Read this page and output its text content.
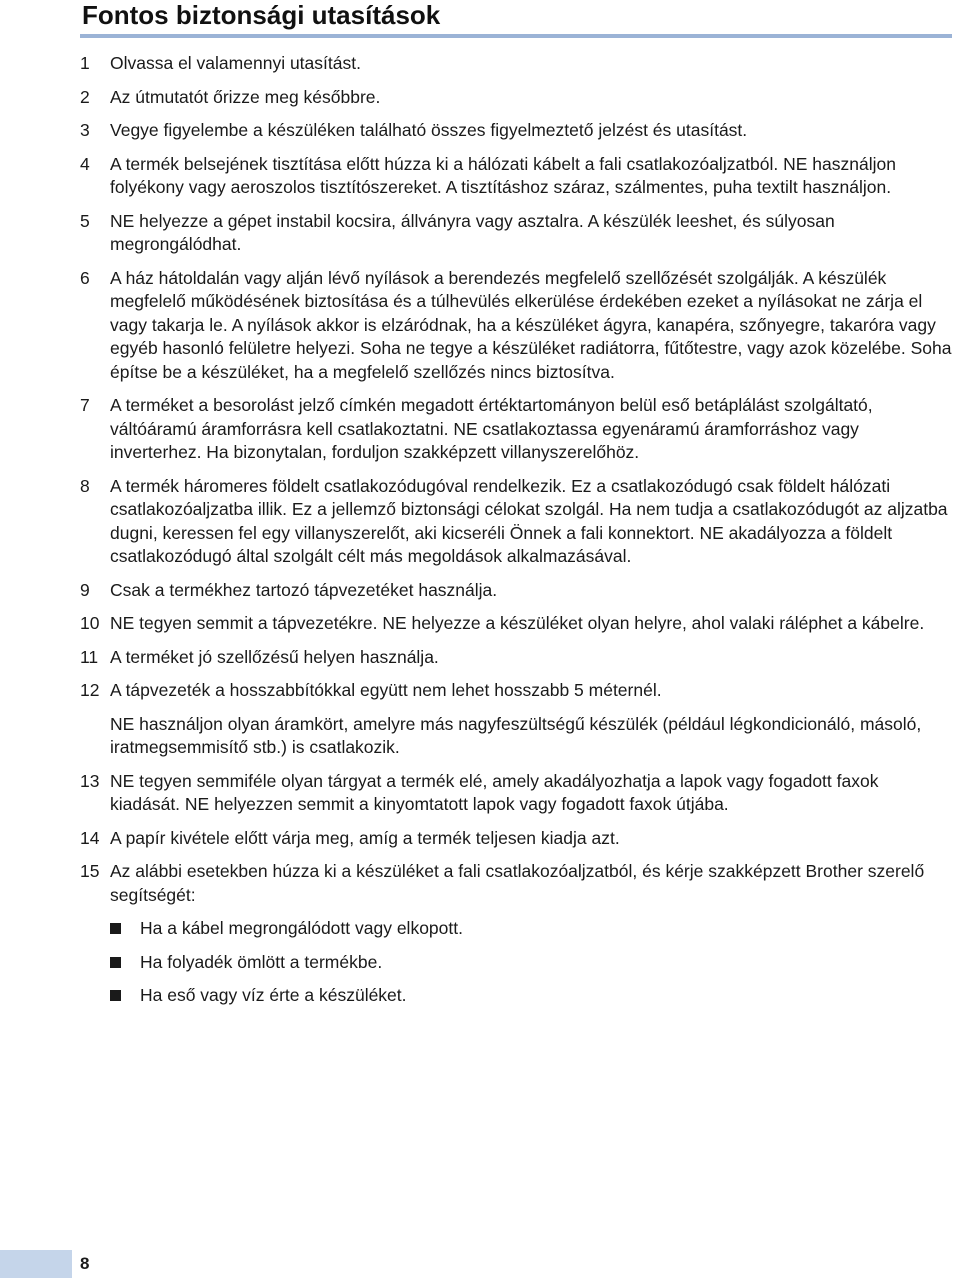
Fontos biztonsági utasítások
1	Olvassa el valamennyi utasítást.

2	Az útmutatót őrizze meg későbbre.

3	Vegye figyelembe a készüléken található összes figyelmeztető jelzést és utasítást.

4	A termék belsejének tisztítása előtt húzza ki a hálózati kábelt a fali csatlakozóaljzatból. NE használjon folyékony vagy aeroszolos tisztítószereket. A tisztításhoz száraz, szálmentes, puha textilt használjon.

5	NE helyezze a gépet instabil kocsira, állványra vagy asztalra. A készülék leeshet, és súlyosan megrongálódhat.

6	A ház hátoldalán vagy alján lévő nyílások a berendezés megfelelő szellőzését szolgálják. A készülék megfelelő működésének biztosítása és a túlhevülés elkerülése érdekében ezeket a nyílásokat ne zárja el vagy takarja le. A nyílások akkor is elzáródnak, ha a készüléket ágyra, kanapéra, szőnyegre, takaróra vagy egyéb hasonló felületre helyezi. Soha ne tegye a készüléket radiátorra, fűtőtestre, vagy azok közelébe. Soha építse be a készüléket, ha a megfelelő szellőzés nincs biztosítva.

7	A terméket a besorolást jelző címkén megadott értéktartományon belül eső betáplálást szolgáltató, váltóáramú áramforrásra kell csatlakoztatni. NE csatlakoztassa egyenáramú áramforráshoz vagy inverterhez. Ha bizonytalan, forduljon szakképzett villanyszerelőhöz.

8	A termék háromeres földelt csatlakozódugóval rendelkezik. Ez a csatlakozódugó csak földelt hálózati csatlakozóaljzatba illik. Ez a jellemző biztonsági célokat szolgál. Ha nem tudja a csatlakozódugót az aljzatba dugni, keressen fel egy villanyszerelőt, aki kicseréli Önnek a fali konnektort. NE akadályozza a földelt csatlakozódugó által szolgált célt más megoldások alkalmazásával.

9	Csak a termékhez tartozó tápvezetéket használja.

10 NE tegyen semmit a tápvezetékre. NE helyezze a készüléket olyan helyre, ahol valaki ráléphet a kábelre.

11 A terméket jó szellőzésű helyen használja.

12 A tápvezeték a hosszabbítókkal együtt nem lehet hosszabb 5 méternél.

NE használjon olyan áramkört, amelyre más nagyfeszültségű készülék (például légkondicionáló, másoló, iratmegsemmisítő stb.) is csatlakozik.

13 NE tegyen semmiféle olyan tárgyat a termék elé, amely akadályozhatja a lapok vagy fogadott faxok kiadását. NE helyezzen semmit a kinyomtatott lapok vagy fogadott faxok útjába.

14 A papír kivétele előtt várja meg, amíg a termék teljesen kiadja azt.

15 Az alábbi esetekben húzza ki a készüléket a fali csatlakozóaljzatból, és kérje szakképzett Brother szerelő segítségét:

Ha a kábel megrongálódott vagy elkopott.
Ha folyadék ömlött a termékbe.
Ha eső vagy víz érte a készüléket.
8
